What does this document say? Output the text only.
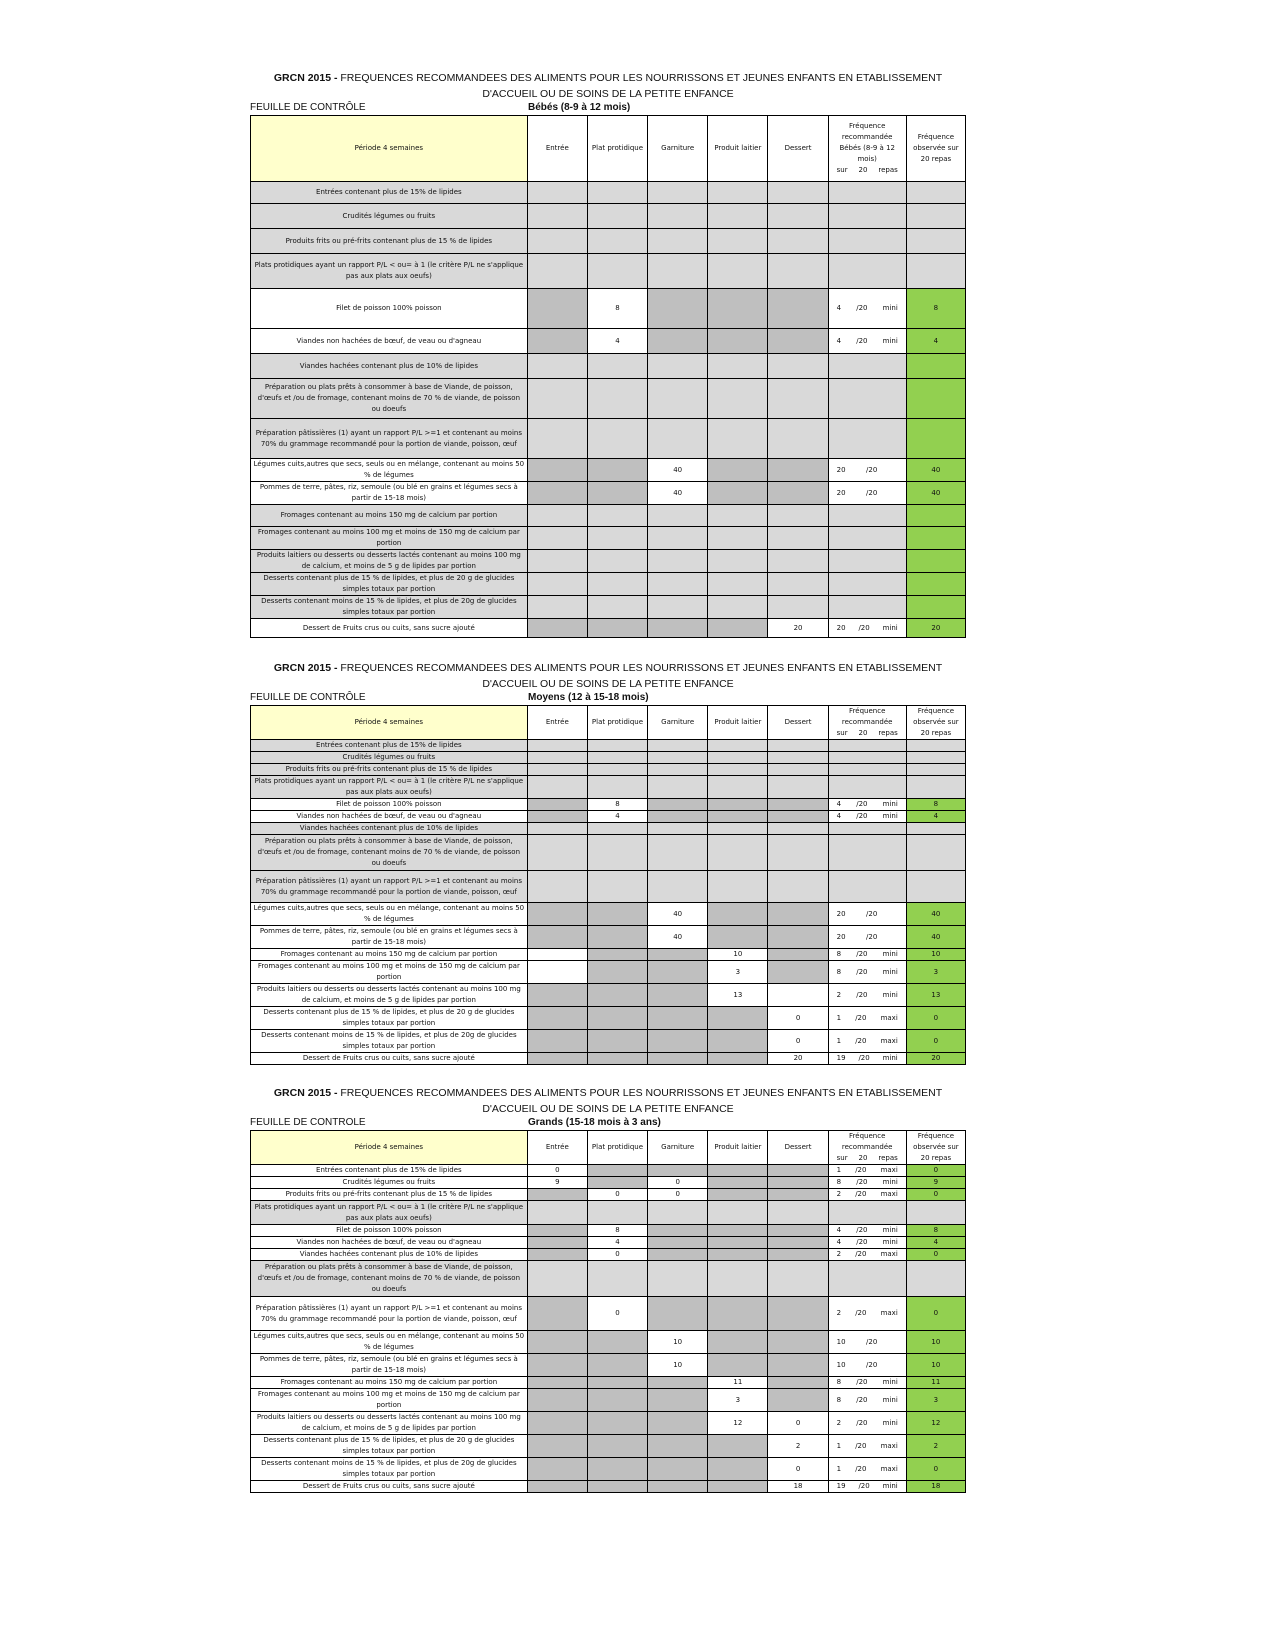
GRCN 2015 - FREQUENCES RECOMMANDEES DES ALIMENTS POUR LES NOURRISSONS ET JEUNES ENFANTS EN ETABLISSEMENT
D'ACCUEIL OU DE SOINS DE LA PETITE ENFANCE
FEUILLE DE CONTRÔLE	Bébés (8-9 à 12 mois)
Période 4 semaines	Entrée	Plat protidique	Garniture	Produit laitier	Dessert	Fréquence recommandée Bébés (8-9 à 12 mois)
sur 20 repas	Fréquence observée sur 20 repas
Entrées contenant plus de 15% de lipides							
Crudités légumes ou fruits							
Produits frits ou pré-frits contenant plus de 15 % de lipides							
Plats protidiques ayant un rapport P/L < ou= à 1 (le critère P/L ne s'applique pas aux plats aux oeufs)							
Filet de poisson 100% poisson		8				4 /20 mini	8
Viandes non hachées de bœuf, de veau ou d'agneau		4				4 /20 mini	4
Viandes hachées contenant plus de 10% de lipides							
Préparation ou plats prêts à consommer à base de Viande, de poisson, d'œufs et /ou de fromage, contenant moins de 70 % de viande, de poisson ou doeufs							
Préparation pâtissières (1) ayant un rapport P/L >=1 et contenant au moins 70% du grammage recommandé pour la portion de viande, poisson, œuf							
Légumes cuits,autres que secs, seuls ou en mélange, contenant au moins 50 % de légumes			40			20 /20	40
Pommes de terre, pâtes, riz, semoule (ou blé en grains et légumes secs à partir de 15-18 mois)			40			20 /20	40
Fromages contenant au moins 150 mg de calcium par portion							
Fromages contenant au moins 100 mg et moins de 150 mg de calcium par portion							
Produits laitiers ou desserts ou desserts lactés contenant au moins 100 mg de calcium, et moins de 5 g de lipides par portion							
Desserts contenant plus de 15 % de lipides, et plus de 20 g de glucides simples totaux par portion							
Desserts contenant moins de 15 % de lipides, et plus de 20g de glucides simples totaux par portion							
Dessert de Fruits crus ou cuits, sans sucre ajouté					20	20 /20 mini	20
GRCN 2015 - FREQUENCES RECOMMANDEES DES ALIMENTS POUR LES NOURRISSONS ET JEUNES ENFANTS EN ETABLISSEMENT
D'ACCUEIL OU DE SOINS DE LA PETITE ENFANCE
FEUILLE DE CONTRÔLE	Moyens (12 à 15-18 mois)
Période 4 semaines	Entrée	Plat protidique	Garniture	Produit laitier	Dessert	Fréquence recommandée
sur 20 repas	Fréquence observée sur 20 repas
Entrées contenant plus de 15% de lipides							
Crudités légumes ou fruits							
Produits frits ou pré-frits contenant plus de 15 % de lipides							
Plats protidiques ayant un rapport P/L < ou= à 1 (le critère P/L ne s'applique pas aux plats aux oeufs)							
Filet de poisson 100% poisson		8				4 /20 mini	8
Viandes non hachées de bœuf, de veau ou d'agneau		4				4 /20 mini	4
Viandes hachées contenant plus de 10% de lipides							
Préparation ou plats prêts à consommer à base de Viande, de poisson, d'œufs et /ou de fromage, contenant moins de 70 % de viande, de poisson ou doeufs							
Préparation pâtissières (1) ayant un rapport P/L >=1 et contenant au moins 70% du grammage recommandé pour la portion de viande, poisson, œuf							
Légumes cuits,autres que secs, seuls ou en mélange, contenant au moins 50 % de légumes			40			20 /20	40
Pommes de terre, pâtes, riz, semoule (ou blé en grains et légumes secs à partir de 15-18 mois)			40			20 /20	40
Fromages contenant au moins 150 mg de calcium par portion				10		8 /20 mini	10
Fromages contenant au moins 100 mg et moins de 150 mg de calcium par portion				3		8 /20 mini	3
Produits laitiers ou desserts ou desserts lactés contenant au moins 100 mg de calcium, et moins de 5 g de lipides par portion				13		2 /20 mini	13
Desserts contenant plus de 15 % de lipides, et plus de 20 g de glucides simples totaux par portion					0	1 /20 maxi	0
Desserts contenant moins de 15 % de lipides, et plus de 20g de glucides simples totaux par portion					0	1 /20 maxi	0
Dessert de Fruits crus ou cuits, sans sucre ajouté					20	19 /20 mini	20
GRCN 2015 - FREQUENCES RECOMMANDEES DES ALIMENTS POUR LES NOURRISSONS ET JEUNES ENFANTS EN ETABLISSEMENT
D'ACCUEIL OU DE SOINS DE LA PETITE ENFANCE
FEUILLE DE CONTROLE	Grands (15-18 mois à 3 ans)
Période 4 semaines	Entrée	Plat protidique	Garniture	Produit laitier	Dessert	Fréquence recommandée
sur 20 repas	Fréquence observée sur 20 repas
Entrées contenant plus de 15% de lipides	0					1 /20 maxi	0
Crudités légumes ou fruits	9		0			8 /20 mini	9
Produits frits ou pré-frits contenant plus de 15 % de lipides		0	0			2 /20 maxi	0
Plats protidiques ayant un rapport P/L < ou= à 1 (le critère P/L ne s'applique pas aux plats aux oeufs)							
Filet de poisson 100% poisson		8				4 /20 mini	8
Viandes non hachées de bœuf, de veau ou d'agneau		4				4 /20 mini	4
Viandes hachées contenant plus de 10% de lipides		0				2 /20 maxi	0
Préparation ou plats prêts à consommer à base de Viande, de poisson, d'œufs et /ou de fromage, contenant moins de 70 % de viande, de poisson ou doeufs							
Préparation pâtissières (1) ayant un rapport P/L >=1 et contenant au moins 70% du grammage recommandé pour la portion de viande, poisson, œuf		0				2 /20 maxi	0
Légumes cuits,autres que secs, seuls ou en mélange, contenant au moins 50 % de légumes			10			10 /20	10
Pommes de terre, pâtes, riz, semoule (ou blé en grains et légumes secs à partir de 15-18 mois)			10			10 /20	10
Fromages contenant au moins 150 mg de calcium par portion				11		8 /20 mini	11
Fromages contenant au moins 100 mg et moins de 150 mg de calcium par portion				3		8 /20 mini	3
Produits laitiers ou desserts ou desserts lactés contenant au moins 100 mg de calcium, et moins de 5 g de lipides par portion				12	0	2 /20 mini	12
Desserts contenant plus de 15 % de lipides, et plus de 20 g de glucides simples totaux par portion					2	1 /20 maxi	2
Desserts contenant moins de 15 % de lipides, et plus de 20g de glucides simples totaux par portion					0	1 /20 maxi	0
Dessert de Fruits crus ou cuits, sans sucre ajouté					18	19 /20 mini	18
